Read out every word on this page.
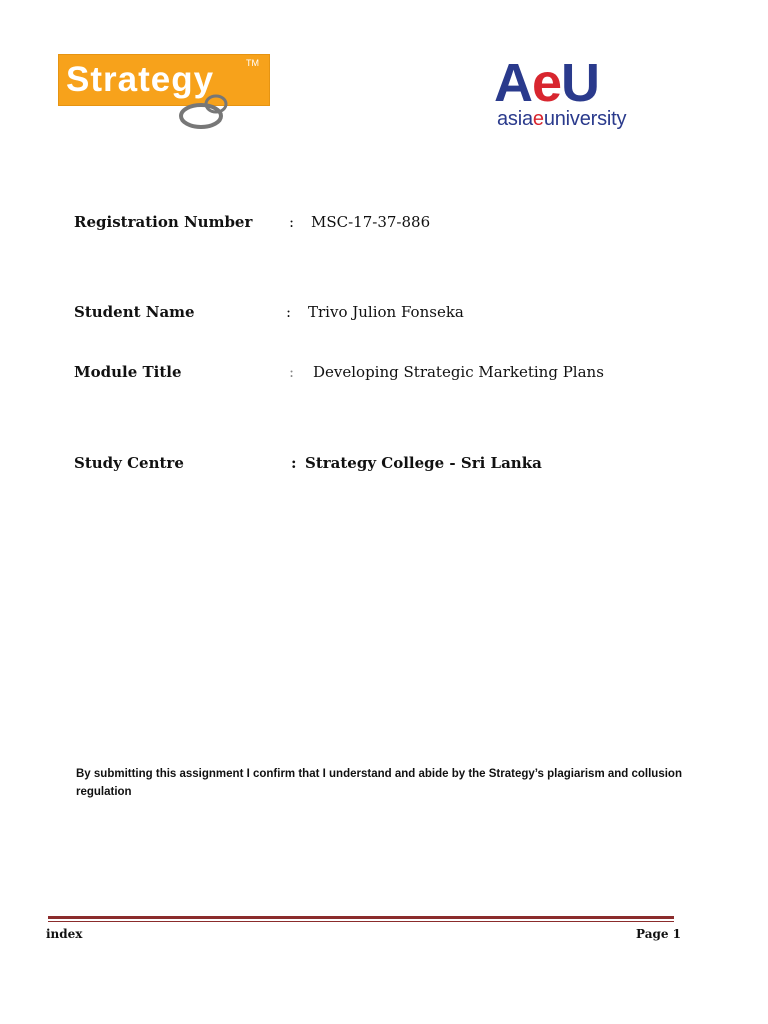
Strategy	TM	AeU
asiaeuniversity
Registration Number : MSC-17-37-886
Student Name	: Trivo Julion Fonseka
Module Title	: Developing Strategic Marketing Plans
Study Centre	: Strategy College - Sri Lanka
By submitting this assignment I confirm that I understand and abide by the Strategy’s plagiarism and collusion regulation
index	Page 1
